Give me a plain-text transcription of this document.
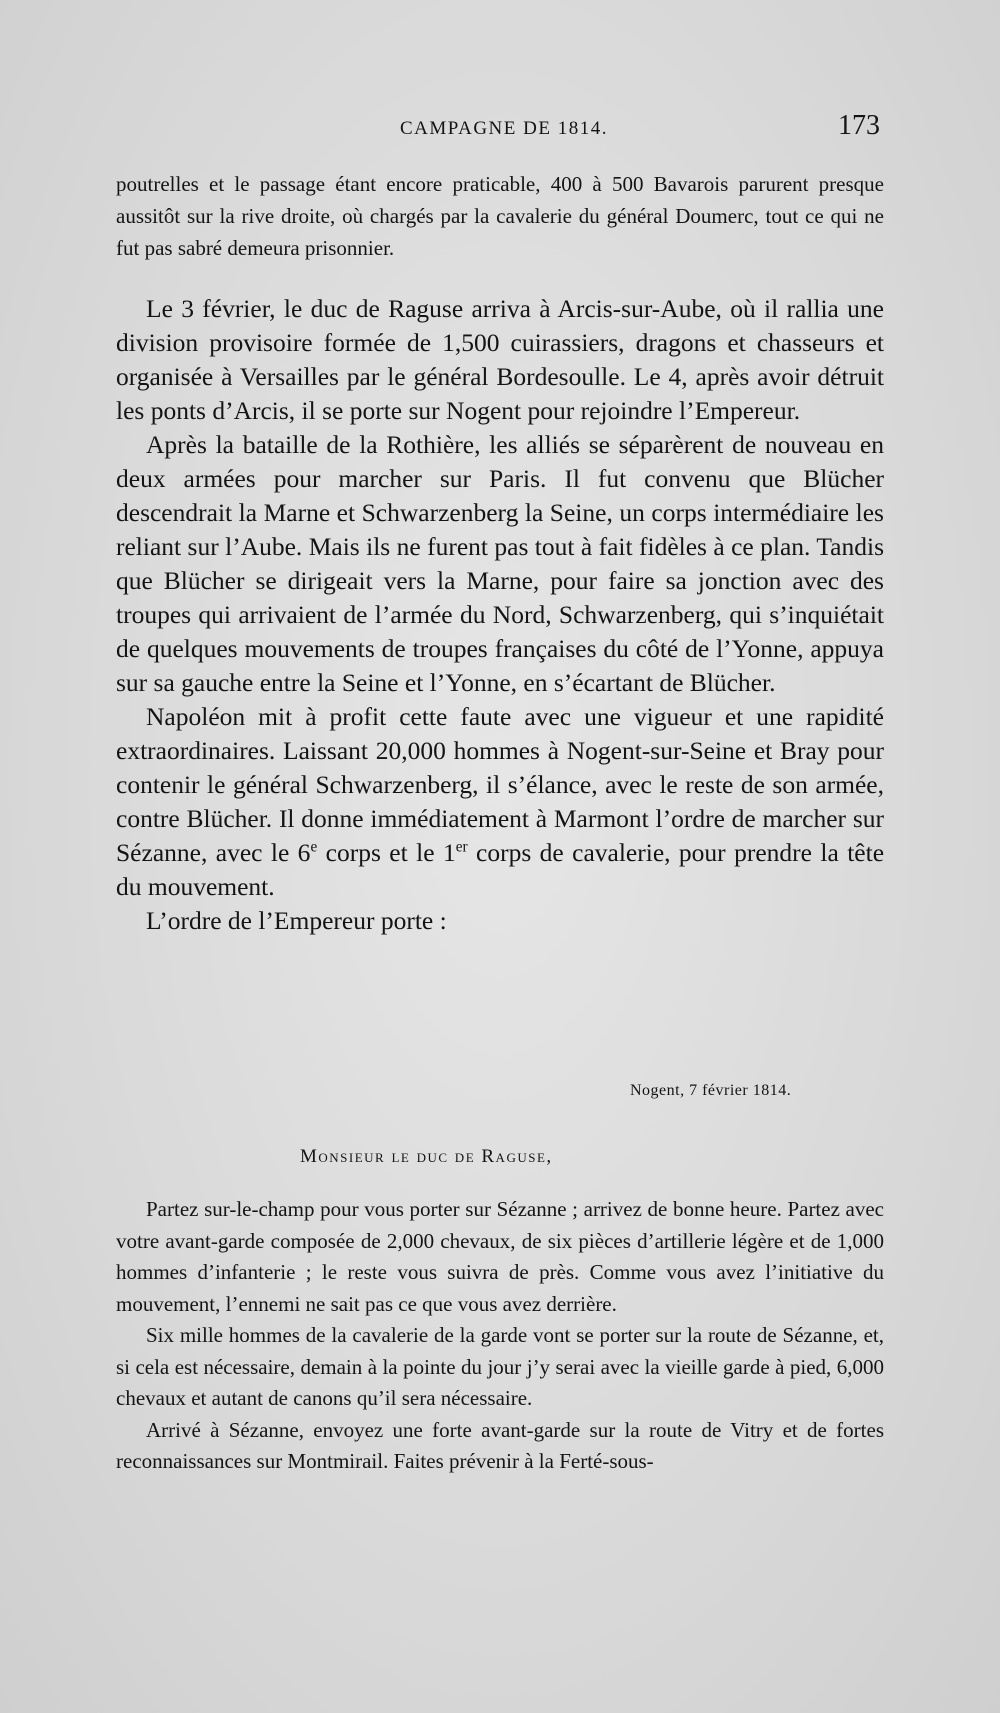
CAMPAGNE DE 1814.	173

poutrelles et le passage étant encore praticable, 400 à 500 Bavarois parurent presque aussitôt sur la rive droite, où chargés par la cavalerie du général Doumerc, tout ce qui ne fut pas sabré demeura prisonnier.

Le 3 février, le duc de Raguse arriva à Arcis-sur-Aube, où il rallia une division provisoire formée de 1,500 cuirassiers, dragons et chasseurs et organisée à Versailles par le général Bordesoulle. Le 4, après avoir détruit les ponts d’Arcis, il se porte sur Nogent pour rejoindre l’Empereur.

Après la bataille de la Rothière, les alliés se séparèrent de nouveau en deux armées pour marcher sur Paris. Il fut convenu que Blücher descendrait la Marne et Schwarzenberg la Seine, un corps intermédiaire les reliant sur l’Aube. Mais ils ne furent pas tout à fait fidèles à ce plan. Tandis que Blücher se dirigeait vers la Marne, pour faire sa jonction avec des troupes qui arrivaient de l’armée du Nord, Schwarzenberg, qui s’inquiétait de quelques mouvements de troupes françaises du côté de l’Yonne, appuya sur sa gauche entre la Seine et l’Yonne, en s’écartant de Blücher.

Napoléon mit à profit cette faute avec une vigueur et une rapidité extraordinaires. Laissant 20,000 hommes à Nogent-sur-Seine et Bray pour contenir le général Schwarzenberg, il s’élance, avec le reste de son armée, contre Blücher. Il donne immédiatement à Marmont l’ordre de marcher sur Sézanne, avec le 6e corps et le 1er corps de cavalerie, pour prendre la tête du mouvement.

L’ordre de l’Empereur porte :

Nogent, 7 février 1814.
Monsieur le duc de Raguse,

Partez sur-le-champ pour vous porter sur Sézanne ; arrivez de bonne heure. Partez avec votre avant-garde composée de 2,000 chevaux, de six pièces d’artillerie légère et de 1,000 hommes d’infanterie ; le reste vous suivra de près. Comme vous avez l’initiative du mouvement, l’ennemi ne sait pas ce que vous avez derrière.

Six mille hommes de la cavalerie de la garde vont se porter sur la route de Sézanne, et, si cela est nécessaire, demain à la pointe du jour j’y serai avec la vieille garde à pied, 6,000 chevaux et autant de canons qu’il sera nécessaire.

Arrivé à Sézanne, envoyez une forte avant-garde sur la route de Vitry et de fortes reconnaissances sur Montmirail. Faites prévenir à la Ferté-sous-
